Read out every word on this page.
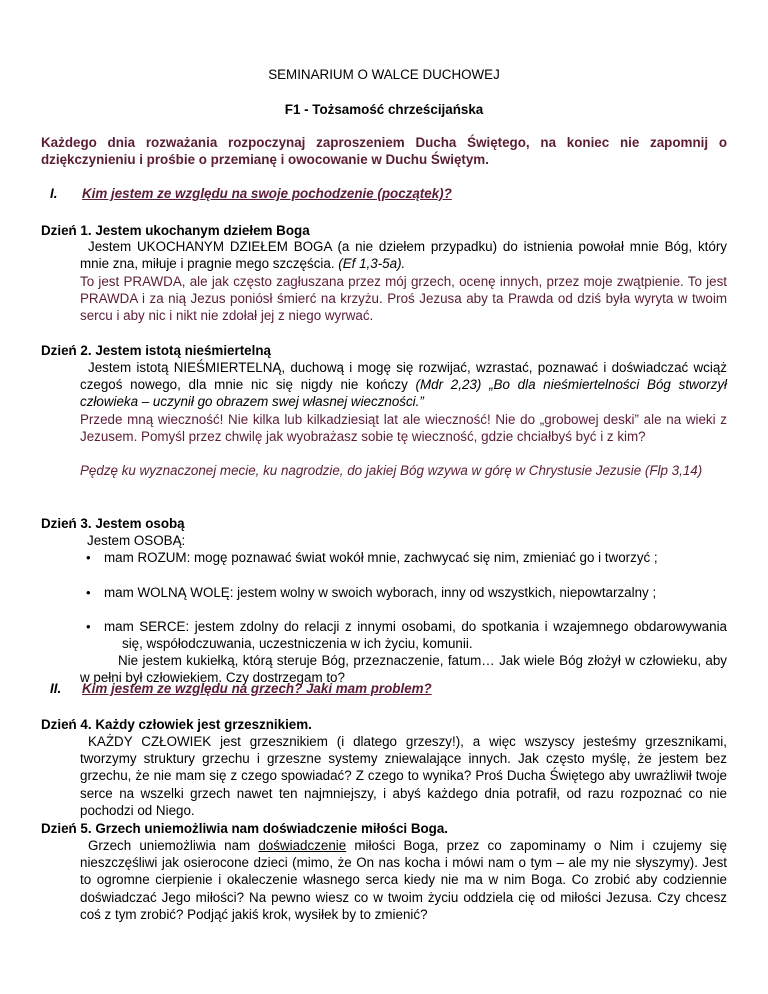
SEMINARIUM O WALCE DUCHOWEJ

F1 - Tożsamość chrześcijańska

Każdego dnia rozważania rozpoczynaj zaproszeniem Ducha Świętego, na koniec nie zapomnij o dziękczynieniu i prośbie o przemianę i owocowanie w Duchu Świętym.

I. Kim jestem ze względu na swoje pochodzenie (początek)?

Dzień 1. Jestem ukochanym dziełem Boga

Jestem UKOCHANYM DZIEŁEM BOGA (a nie dziełem przypadku) do istnienia powołał mnie Bóg, który mnie zna, miłuje i pragnie mego szczęścia. (Ef 1,3-5a).

To jest PRAWDA, ale jak często zagłuszana przez mój grzech, ocenę innych, przez moje zwątpienie. To jest PRAWDA i za nią Jezus poniósł śmierć na krzyżu. Proś Jezusa aby ta Prawda od dziś była wyryta w twoim sercu i aby nic i nikt nie zdołał jej z niego wyrwać.

Dzień 2. Jestem istotą nieśmiertelną

Jestem istotą NIEŚMIERTELNĄ, duchową i mogę się rozwijać, wzrastać, poznawać i doświadczać wciąż czegoś nowego, dla mnie nic się nigdy nie kończy (Mdr 2,23) „Bo dla nieśmiertelności Bóg stworzył człowieka – uczynił go obrazem swej własnej wieczności.”

Przede mną wieczność! Nie kilka lub kilkadziesiąt lat ale wieczność! Nie do „grobowej deski” ale na wieki z Jezusem. Pomyśl przez chwilę jak wyobrażasz sobie tę wieczność, gdzie chciałbyś być i z kim?

Pędzę ku wyznaczonej mecie, ku nagrodzie, do jakiej Bóg wzywa w górę w Chrystusie Jezusie (Flp 3,14)

Dzień 3. Jestem osobą

Jestem OSOBĄ:

• mam ROZUM: mogę poznawać świat wokół mnie, zachwycać się nim, zmieniać go i tworzyć ;

• mam WOLNĄ WOLĘ: jestem wolny w swoich wyborach, inny od wszystkich, niepowtarzalny ;

• mam SERCE: jestem zdolny do relacji z innymi osobami, do spotkania i wzajemnego obdarowywania się, współodczuwania, uczestniczenia w ich życiu, komunii.

Nie jestem kukiełką, którą steruje Bóg, przeznaczenie, fatum… Jak wiele Bóg złożył w człowieku, aby w pełni był człowiekiem. Czy dostrzegam to?

II. Kim jestem ze względu na grzech? Jaki mam problem?

Dzień 4. Każdy człowiek jest grzesznikiem.

KAŻDY CZŁOWIEK jest grzesznikiem (i dlatego grzeszy!), a więc wszyscy jesteśmy grzesznikami, tworzymy struktury grzechu i grzeszne systemy zniewalające innych. Jak często myślę, że jestem bez grzechu, że nie mam się z czego spowiadać? Z czego to wynika? Proś Ducha Świętego aby uwrażliwił twoje serce na wszelki grzech nawet ten najmniejszy, i abyś każdego dnia potrafił, od razu rozpoznać co nie pochodzi od Niego.

Dzień 5. Grzech uniemożliwia nam doświadczenie miłości Boga.

Grzech uniemożliwia nam doświadczenie miłości Boga, przez co zapominamy o Nim i czujemy się nieszczęśliwi jak osierocone dzieci (mimo, że On nas kocha i mówi nam o tym – ale my nie słyszymy). Jest to ogromne cierpienie i okaleczenie własnego serca kiedy nie ma w nim Boga. Co zrobić aby codziennie doświadczać Jego miłości? Na pewno wiesz co w twoim życiu oddziela cię od miłości Jezusa. Czy chcesz coś z tym zrobić? Podjąć jakiś krok, wysiłek by to zmienić?
